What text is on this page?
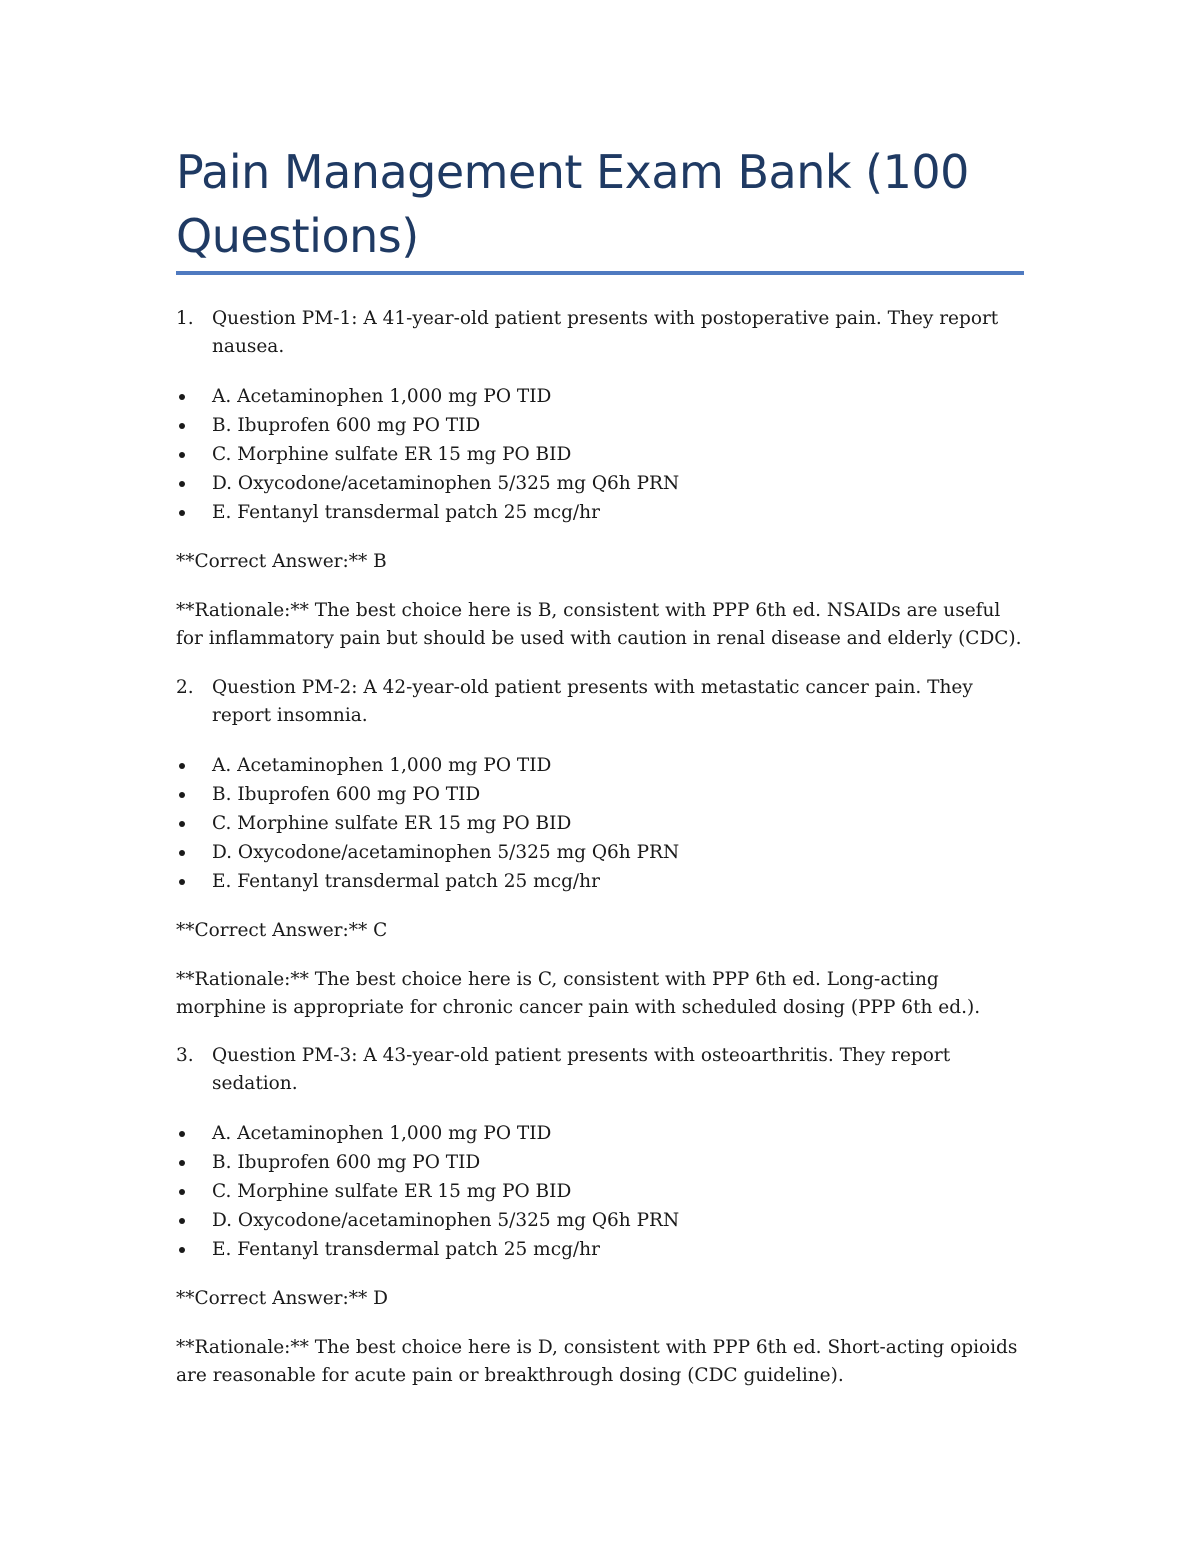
Pain Management Exam Bank (100 Questions)

1. Question PM-1: A 41-year-old patient presents with postoperative pain. They report nausea.

A. Acetaminophen 1,000 mg PO TID
B. Ibuprofen 600 mg PO TID
C. Morphine sulfate ER 15 mg PO BID
D. Oxycodone/acetaminophen 5/325 mg Q6h PRN
E. Fentanyl transdermal patch 25 mcg/hr

**Correct Answer:** B

**Rationale:** The best choice here is B, consistent with PPP 6th ed. NSAIDs are useful for inflammatory pain but should be used with caution in renal disease and elderly (CDC).

2. Question PM-2: A 42-year-old patient presents with metastatic cancer pain. They report insomnia.

A. Acetaminophen 1,000 mg PO TID
B. Ibuprofen 600 mg PO TID
C. Morphine sulfate ER 15 mg PO BID
D. Oxycodone/acetaminophen 5/325 mg Q6h PRN
E. Fentanyl transdermal patch 25 mcg/hr

**Correct Answer:** C

**Rationale:** The best choice here is C, consistent with PPP 6th ed. Long-acting morphine is appropriate for chronic cancer pain with scheduled dosing (PPP 6th ed.).

3. Question PM-3: A 43-year-old patient presents with osteoarthritis. They report sedation.

A. Acetaminophen 1,000 mg PO TID
B. Ibuprofen 600 mg PO TID
C. Morphine sulfate ER 15 mg PO BID
D. Oxycodone/acetaminophen 5/325 mg Q6h PRN
E. Fentanyl transdermal patch 25 mcg/hr

**Correct Answer:** D

**Rationale:** The best choice here is D, consistent with PPP 6th ed. Short-acting opioids are reasonable for acute pain or breakthrough dosing (CDC guideline).
